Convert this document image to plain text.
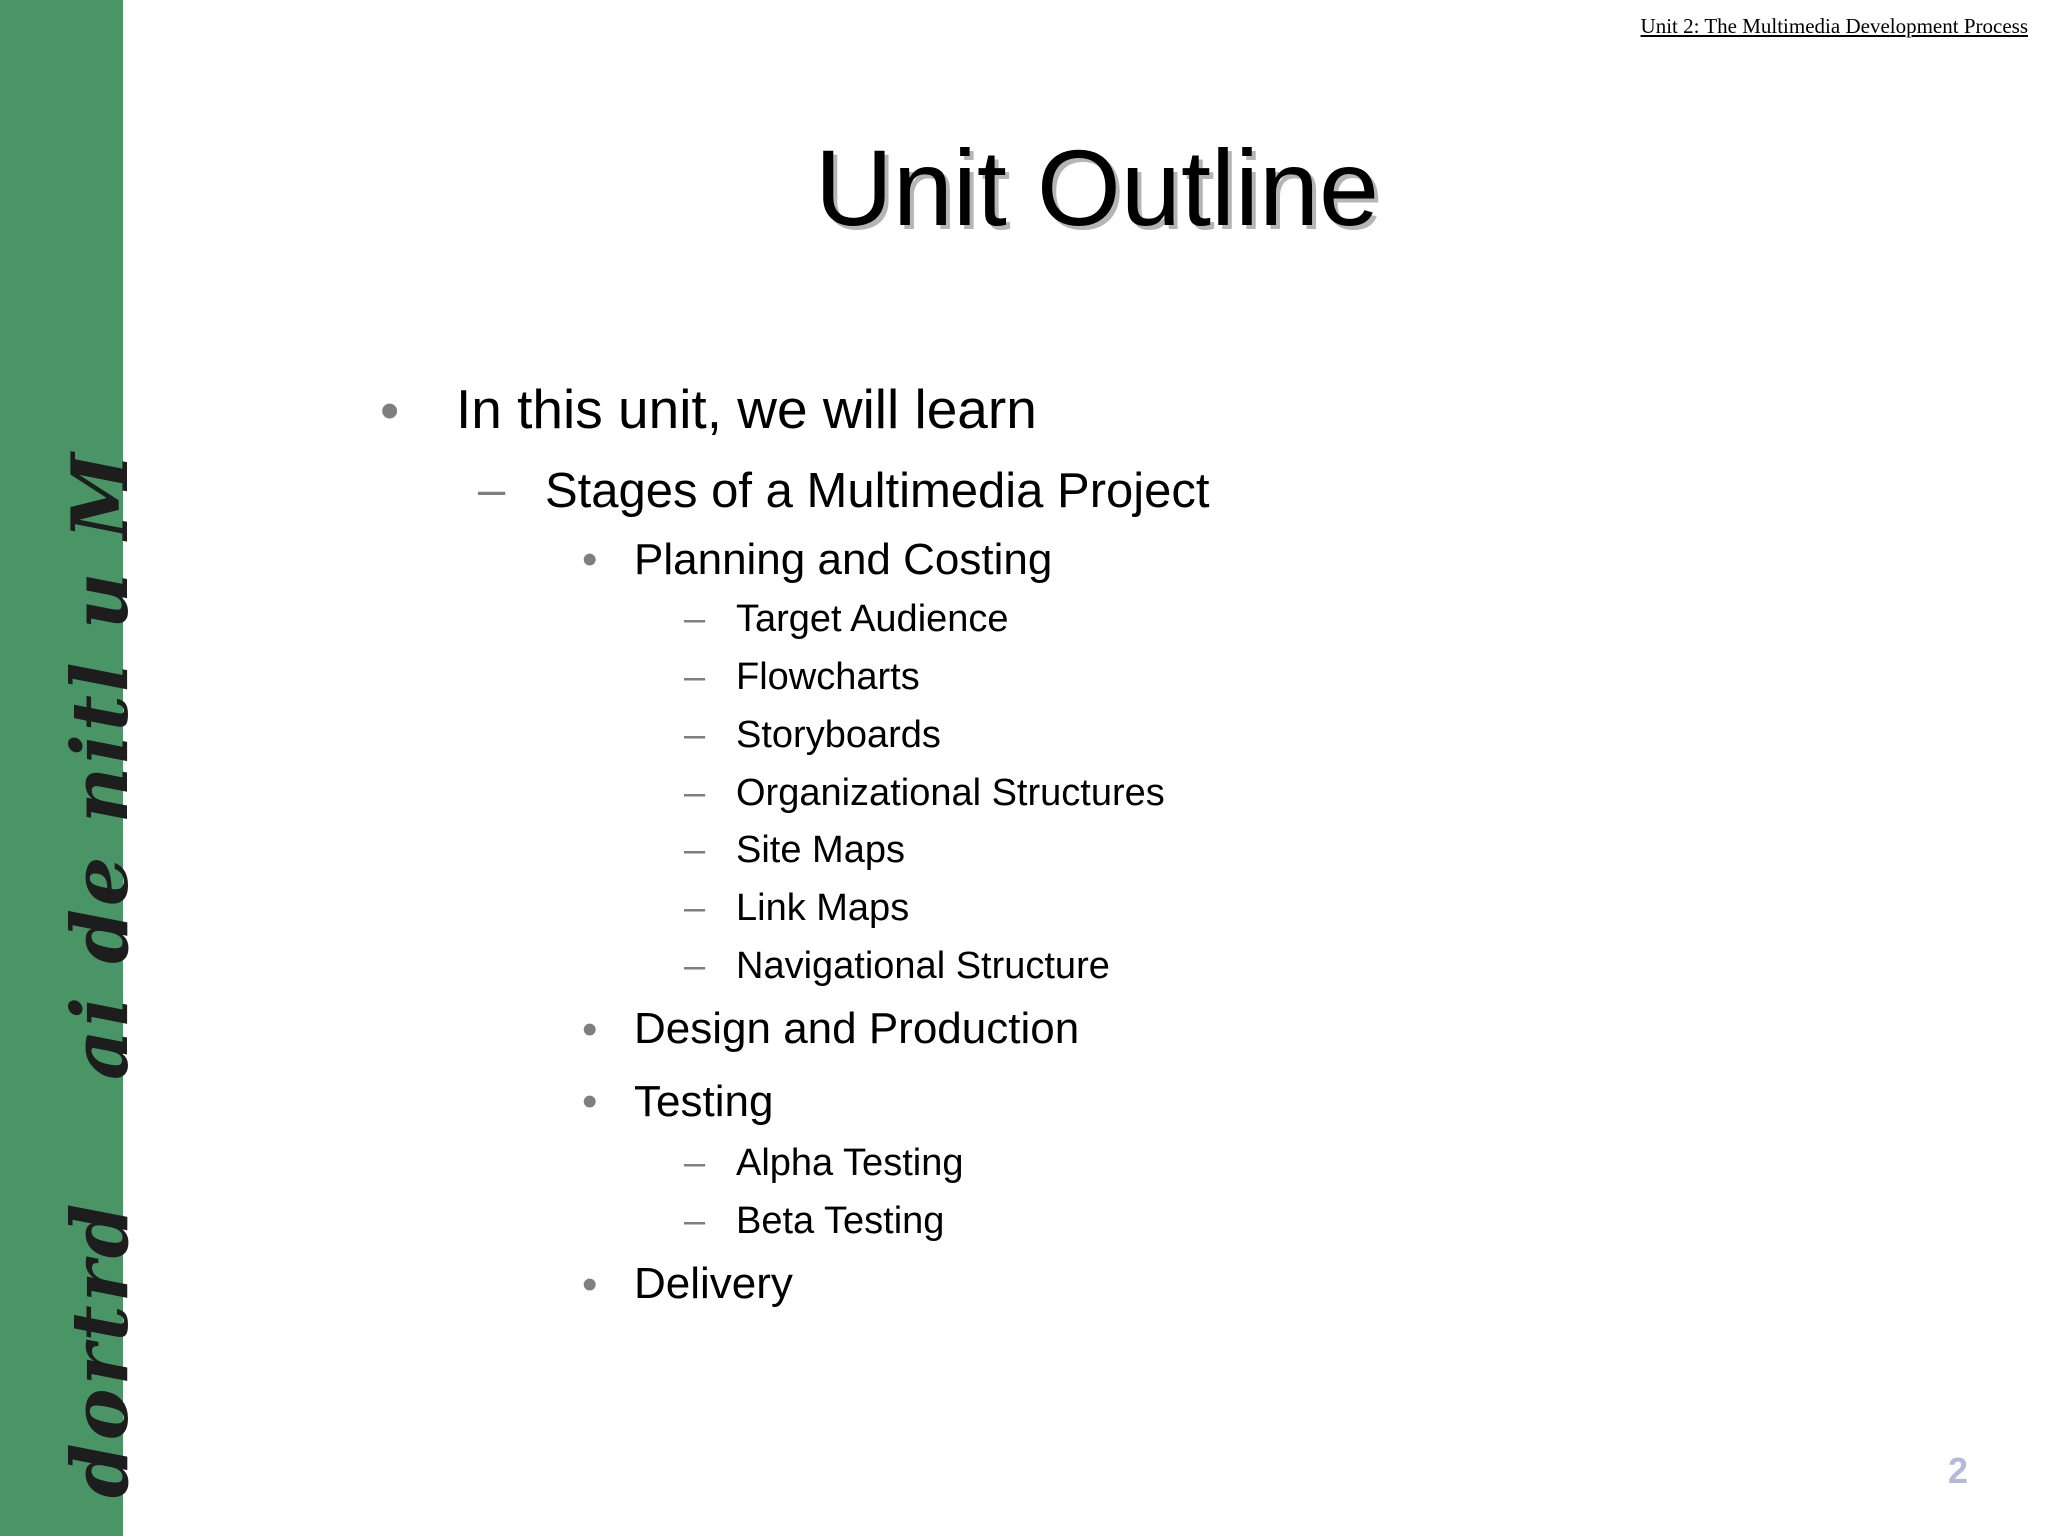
dortrd    ai de nitl u M
Unit 2: The Multimedia Development Process
Unit Outline
• In this unit, we will learn
– Stages of a Multimedia Project
• Planning and Costing
– Target Audience
– Flowcharts
– Storyboards
– Organizational Structures
– Site Maps
– Link Maps
– Navigational Structure
• Design and Production
• Testing
– Alpha Testing
– Beta Testing
• Delivery
2
